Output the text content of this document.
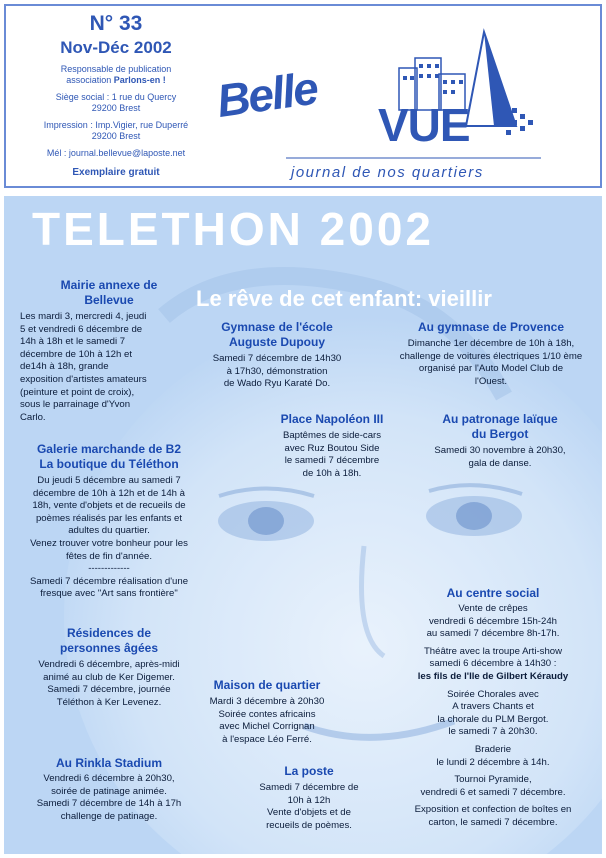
N° 33
Nov-Déc 2002
Responsable de publication
association Parlons-en !
Siège social : 1 rue du Quercy
29200 Brest
Impression : Imp.Vigier, rue Duperré
29200 Brest
Mél : journal.bellevue@laposte.net
Exemplaire gratuit
Belle VUE
journal de nos quartiers
TELETHON 2002
Le rêve de cet enfant: vieillir
Mairie annexe de
Bellevue

Les mardi 3, mercredi 4, jeudi

5 et vendredi 6 décembre de

14h à 18h et le samedi 7

décembre de 10h à 12h et

de14h à 18h, grande

exposition d'artistes amateurs

(peinture et point de croix),

sous le parrainage d'Yvon

Carlo.

Galerie marchande de B2
La boutique du Téléthon

Du jeudi 5 décembre au samedi 7

décembre de 10h à 12h et de 14h à

18h, vente d'objets et de recueils de

poèmes réalisés par les enfants et

adultes du quartier.

Venez trouver votre bonheur pour les

fêtes de fin d'année.

-------------

Samedi 7 décembre réalisation d'une

fresque avec "Art sans frontière"

Résidences de
personnes âgées

Vendredi 6 décembre, après-midi

animé au club de Ker Digemer.

Samedi 7 décembre, journée

Téléthon à Ker Levenez.

Au Rinkla Stadium

Vendredi 6 décembre à 20h30,

soirée de patinage animée.

Samedi 7 décembre de 14h à 17h

challenge de patinage.

Gymnase de l'école
Auguste Dupouy

Samedi 7 décembre de 14h30

à 17h30, démonstration

de Wado Ryu Karaté Do.

Place Napoléon III

Baptêmes de side-cars

avec Ruz Boutou Side

le samedi 7 décembre

de 10h à 18h.

Maison de quartier

Mardi 3 décembre à 20h30

Soirée contes africains

avec Michel Corrignan

à l'espace Léo Ferré.

La poste

Samedi 7 décembre de

10h à 12h

Vente d'objets et de

recueils de poèmes.

Au gymnase de Provence

Dimanche 1er décembre de 10h à 18h,

challenge de voitures électriques 1/10 ème

organisé par l'Auto Model Club de

l'Ouest.

Au patronage laïque
du Bergot

Samedi 30 novembre à 20h30,

gala de danse.

Au centre social

Vente de crêpes

vendredi 6 décembre 15h-24h

au samedi 7 décembre 8h-17h.

Théâtre avec la troupe Arti-show

samedi 6 décembre à 14h30 :

les fils de l'Ile de Gilbert Kéraudy

Soirée Chorales avec

A travers Chants et

la chorale du PLM Bergot.

le samedi 7 à 20h30.

Braderie

le lundi 2 décembre à 14h.

Tournoi Pyramide,

vendredi 6 et samedi 7 décembre.

Exposition et confection de boîtes en

carton, le samedi 7 décembre.
